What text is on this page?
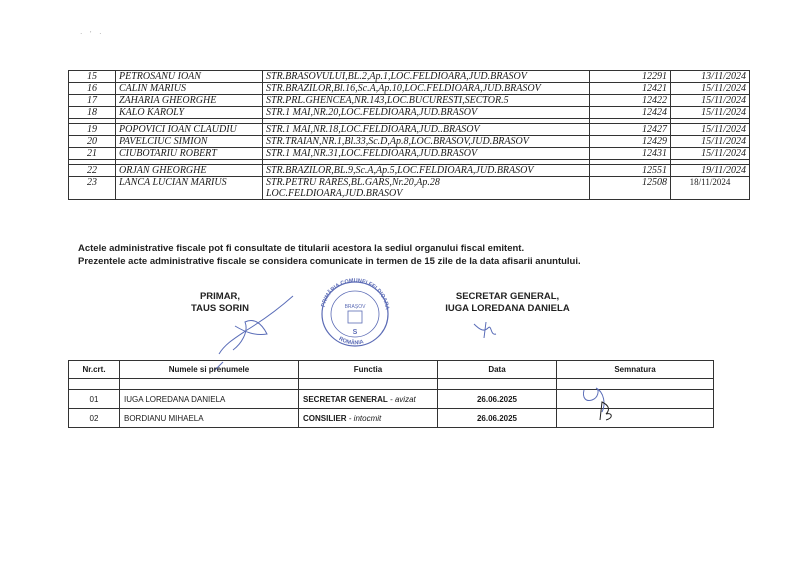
· ' ·
15	PETROSANU IOAN	STR.BRASOVULUI,BL.2,Ap.1,LOC.FELDIOARA,JUD.BRASOV	12291	13/11/2024
16	CALIN MARIUS	STR.BRAZILOR,Bl.16,Sc.A,Ap.10,LOC.FELDIOARA,JUD.BRASOV	12421	15/11/2024
17	ZAHARIA GHEORGHE	STR.PRL.GHENCEA,NR.143,LOC.BUCURESTI,SECTOR.5	12422	15/11/2024
18	KALO KAROLY	STR.1 MAI,NR.20,LOC.FELDIOARA,JUD.BRASOV	12424	15/11/2024

19	POPOVICI IOAN CLAUDIU	STR.1 MAI,NR.18,LOC.FELDIOARA,JUD..BRASOV	12427	15/11/2024
20	PAVELCIUC SIMION	STR.TRAIAN,NR.1,Bl.33,Sc.D,Ap.8,LOC.BRASOV,JUD.BRASOV	12429	15/11/2024
21	CIUBOTARIU ROBERT	STR.1 MAI,NR.31,LOC.FELDIOARA,JUD.BRASOV	12431	15/11/2024

22	ORJAN GHEORGHE	STR.BRAZILOR,BL.9,Sc.A,Ap.5,LOC.FELDIOARA,JUD.BRASOV	12551	19/11/2024
23	LANCA LUCIAN MARIUS	STR.PETRU RARES,BL.GARS,Nr.20,Ap.28
LOC.FELDIOARA,JUD.BRASOV	12508	18/11/2024
Actele administrative fiscale pot fi consultate de titularii acestora la sediul organului fiscal emitent.
Prezentele acte administrative fiscale se considera comunicate in termen de 15 zile de la data afisarii anuntului.
PRIMAR,
TAUS SORIN
SECRETAR GENERAL,
IUGA LOREDANA DANIELA
PRIMĂRIA COMUNEI FELDIOARA
ROMÂNIA
BRAȘOV
S
Nr.crt.	Numele si prenumele	Functia	Data	Semnatura

01	IUGA LOREDANA DANIELA	SECRETAR GENERAL - avizat	26.06.2025	
02	BORDIANU MIHAELA	CONSILIER - intocmit	26.06.2025	
